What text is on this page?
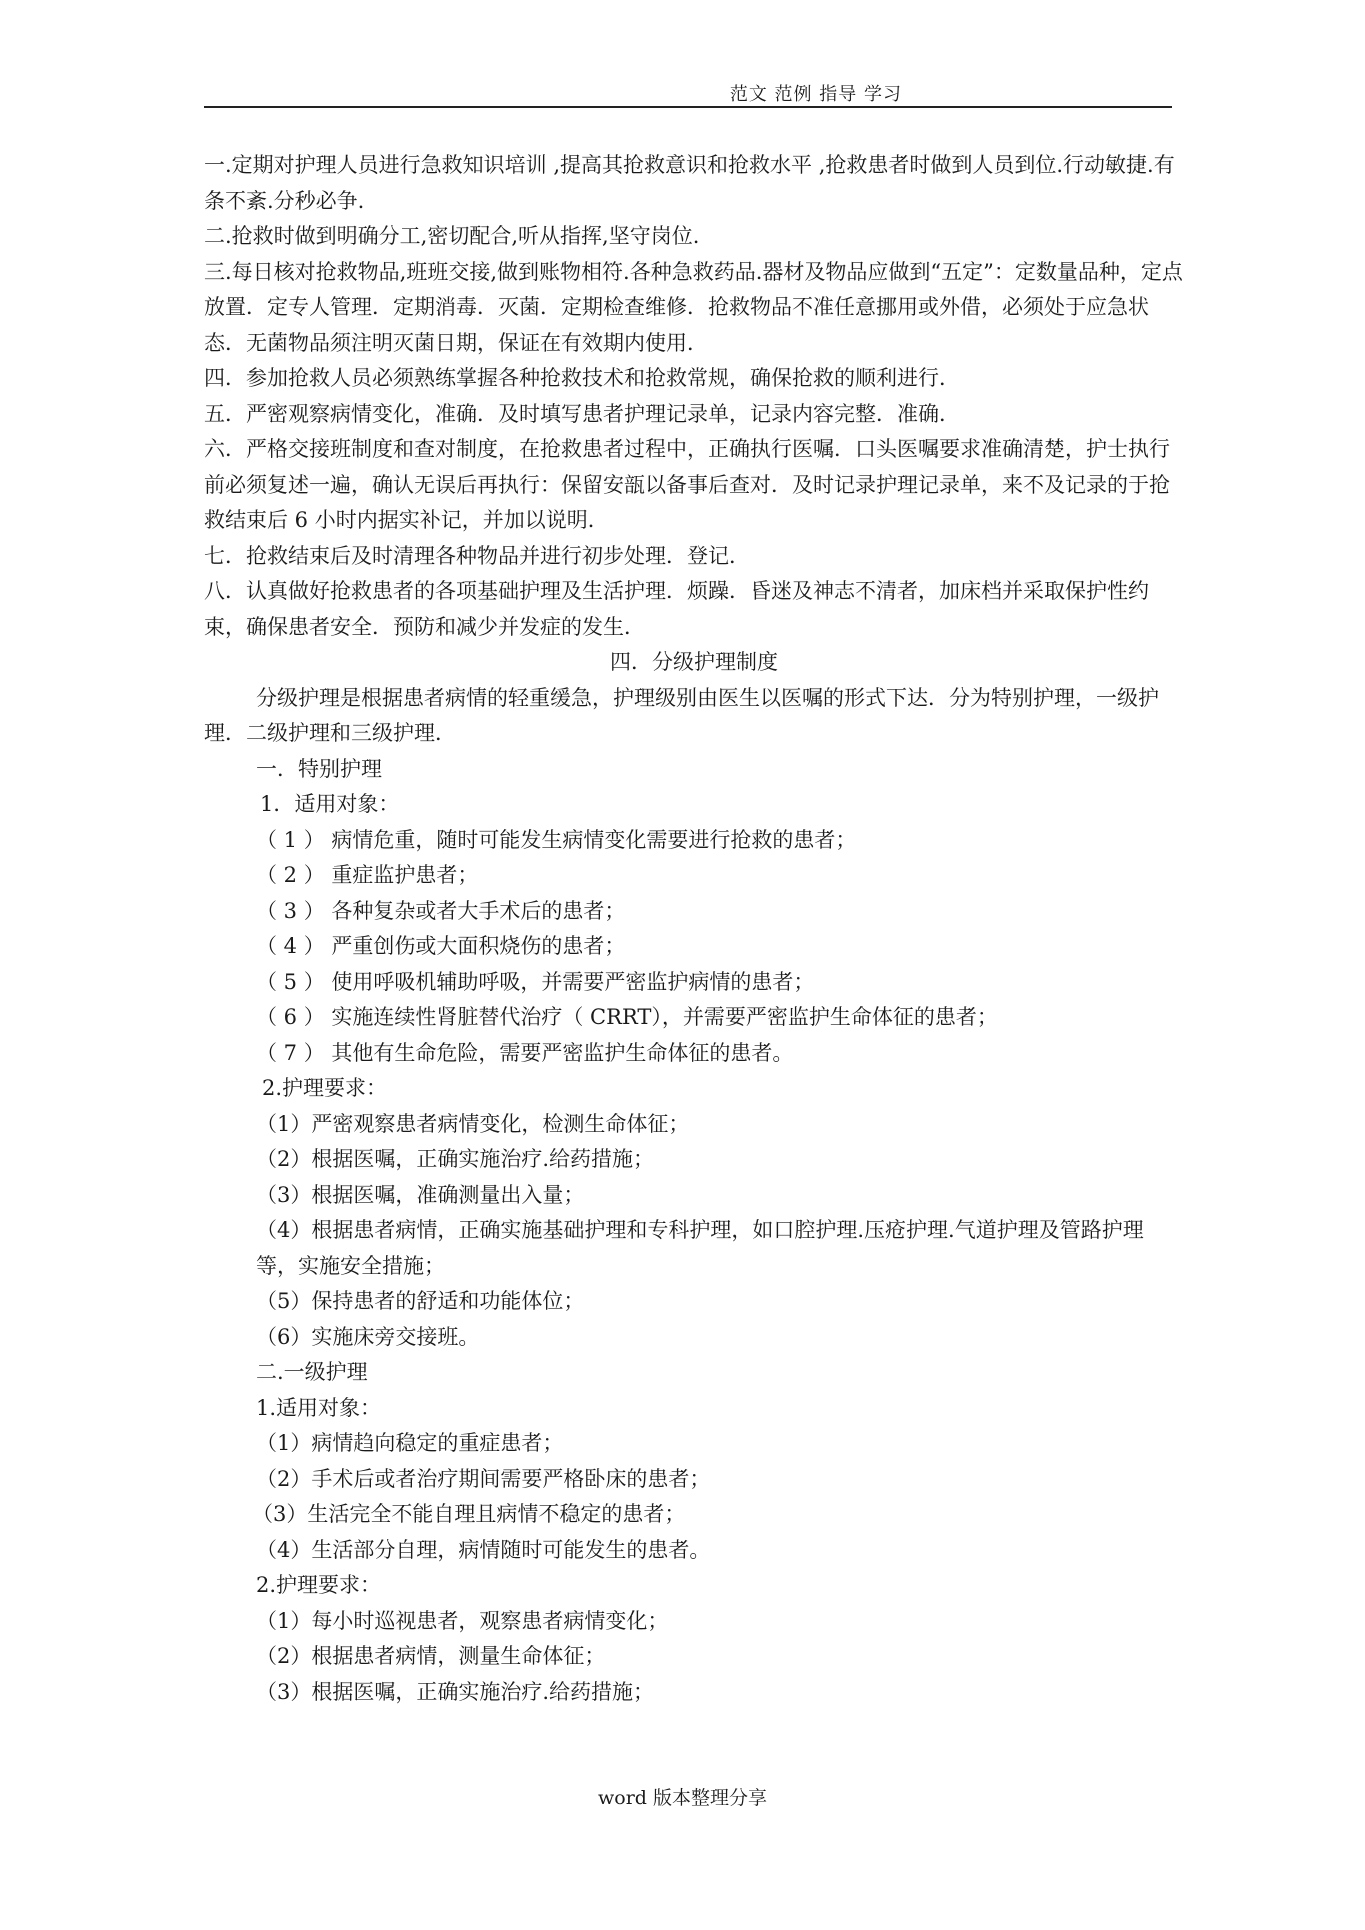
范文 范例 指导 学习

一.定期对护理人员进行急救知识培训 ,提高其抢救意识和抢救水平 ,抢救患者时做到人员到位.行动敏捷.有条不紊.分秒必争.

二.抢救时做到明确分工,密切配合,听从指挥,坚守岗位.

三.每日核对抢救物品,班班交接,做到账物相符.各种急救药品.器材及物品应做到“五定”：定数量品种，定点放置．定专人管理．定期消毒．灭菌．定期检查维修．抢救物品不准任意挪用或外借，必须处于应急状态．无菌物品须注明灭菌日期，保证在有效期内使用．

四．参加抢救人员必须熟练掌握各种抢救技术和抢救常规，确保抢救的顺利进行．

五．严密观察病情变化，准确．及时填写患者护理记录单，记录内容完整．准确．

六．严格交接班制度和查对制度，在抢救患者过程中，正确执行医嘱．口头医嘱要求准确清楚，护士执行前必须复述一遍，确认无误后再执行：保留安瓿以备事后查对．及时记录护理记录单，来不及记录的于抢救结束后 6 小时内据实补记，并加以说明．

七．抢救结束后及时清理各种物品并进行初步处理．登记．

八．认真做好抢救患者的各项基础护理及生活护理．烦躁．昏迷及神志不清者，加床档并采取保护性约束，确保患者安全．预防和减少并发症的发生．

四．分级护理制度

分级护理是根据患者病情的轻重缓急，护理级别由医生以医嘱的形式下达．分为特别护理，一级护理．二级护理和三级护理．

一．特别护理

1．适用对象：

（ 1 ） 病情危重，随时可能发生病情变化需要进行抢救的患者；

（ 2 ） 重症监护患者；

（ 3 ） 各种复杂或者大手术后的患者；

（ 4 ） 严重创伤或大面积烧伤的患者；

（ 5 ） 使用呼吸机辅助呼吸，并需要严密监护病情的患者；

（ 6 ） 实施连续性肾脏替代治疗（ CRRT），并需要严密监护生命体征的患者；

（ 7 ） 其他有生命危险，需要严密监护生命体征的患者。

2.护理要求：

（1）严密观察患者病情变化，检测生命体征；

（2）根据医嘱，正确实施治疗.给药措施；

（3）根据医嘱，准确测量出入量；

（4）根据患者病情，正确实施基础护理和专科护理，如口腔护理.压疮护理.气道护理及管路护理等，实施安全措施；

（5）保持患者的舒适和功能体位；

（6）实施床旁交接班。

二.一级护理

1.适用对象：

（1）病情趋向稳定的重症患者；

（2）手术后或者治疗期间需要严格卧床的患者；

（3）生活完全不能自理且病情不稳定的患者；

（4）生活部分自理，病情随时可能发生的患者。

2.护理要求：

（1）每小时巡视患者，观察患者病情变化；

（2）根据患者病情，测量生命体征；

（3）根据医嘱，正确实施治疗.给药措施；

word 版本整理分享
